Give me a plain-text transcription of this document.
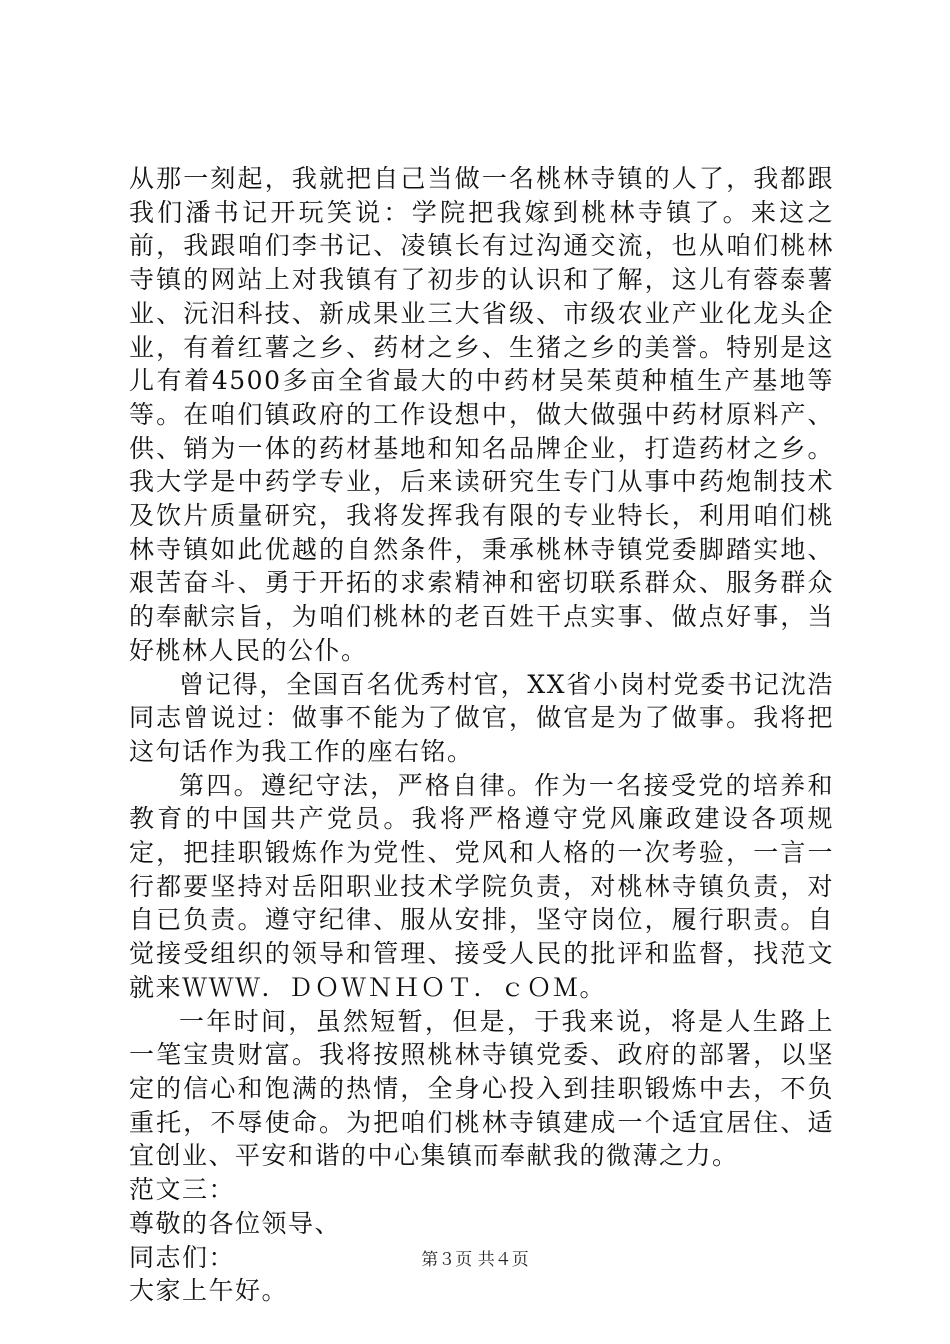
从那一刻起，我就把自己当做一名桃林寺镇的人了，我都跟我们潘书记开玩笑说：学院把我嫁到桃林寺镇了。来这之前，我跟咱们李书记、凌镇长有过沟通交流，也从咱们桃林寺镇的网站上对我镇有了初步的认识和了解，这儿有蓉泰薯业、沅汨科技、新成果业三大省级、市级农业产业化龙头企业，有着红薯之乡、药材之乡、生猪之乡的美誉。特别是这儿有着4500多亩全省最大的中药材吴茱萸种植生产基地等等。在咱们镇政府的工作设想中，做大做强中药材原料产、供、销为一体的药材基地和知名品牌企业，打造药材之乡。我大学是中药学专业，后来读研究生专门从事中药炮制技术及饮片质量研究，我将发挥我有限的专业特长，利用咱们桃林寺镇如此优越的自然条件，秉承桃林寺镇党委脚踏实地、艰苦奋斗、勇于开拓的求索精神和密切联系群众、服务群众的奉献宗旨，为咱们桃林的老百姓干点实事、做点好事，当好桃林人民的公仆。

曾记得，全国百名优秀村官，XX省小岗村党委书记沈浩同志曾说过：做事不能为了做官，做官是为了做事。我将把这句话作为我工作的座右铭。

第四。遵纪守法，严格自律。作为一名接受党的培养和教育的中国共产党员。我将严格遵守党风廉政建设各项规定，把挂职锻炼作为党性、党风和人格的一次考验，一言一行都要坚持对岳阳职业技术学院负责，对桃林寺镇负责，对自已负责。遵守纪律、服从安排，坚守岗位，履行职责。自觉接受组织的领导和管理、接受人民的批评和监督，找范文就来ＷＷＷ．ＤＯＷＮＨＯＴ．ｃＯＭ。

一年时间，虽然短暂，但是，于我来说，将是人生路上一笔宝贵财富。我将按照桃林寺镇党委、政府的部署，以坚定的信心和饱满的热情，全身心投入到挂职锻炼中去，不负重托，不辱使命。为把咱们桃林寺镇建成一个适宜居住、适宜创业、平安和谐的中心集镇而奉献我的微薄之力。

范文三：

尊敬的各位领导、

同志们：

大家上午好。

第３页 共４页
